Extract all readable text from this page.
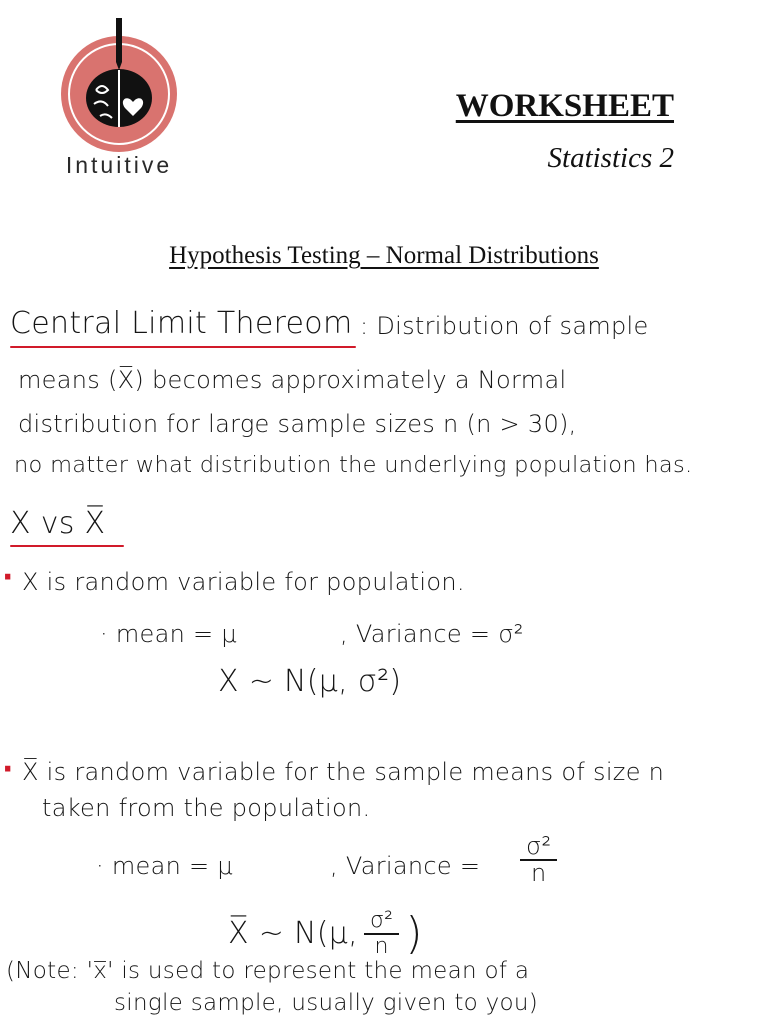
Intuitive
WORKSHEET
Statistics 2
Hypothesis Testing – Normal Distributions
Central Limit Thereom : Distribution of sample
means (X̅) becomes approximately a Normal
distribution for large sample sizes n (n > 30),
no matter what distribution the underlying population has.
X vs X̅
· X is random variable for population.
· mean = μ	, Variance = σ²
X ~ N(μ, σ²)
· X̅ is random variable for the sample means of size n
taken from the population.
· mean = μ	, Variance = $\frac{\text{σ²}}{n}$
X̅ ~ N(μ, $\frac{\text{σ²}}{n}$ )
(Note: 'x̅' is used to represent the mean of a
single sample, usually given to you)
